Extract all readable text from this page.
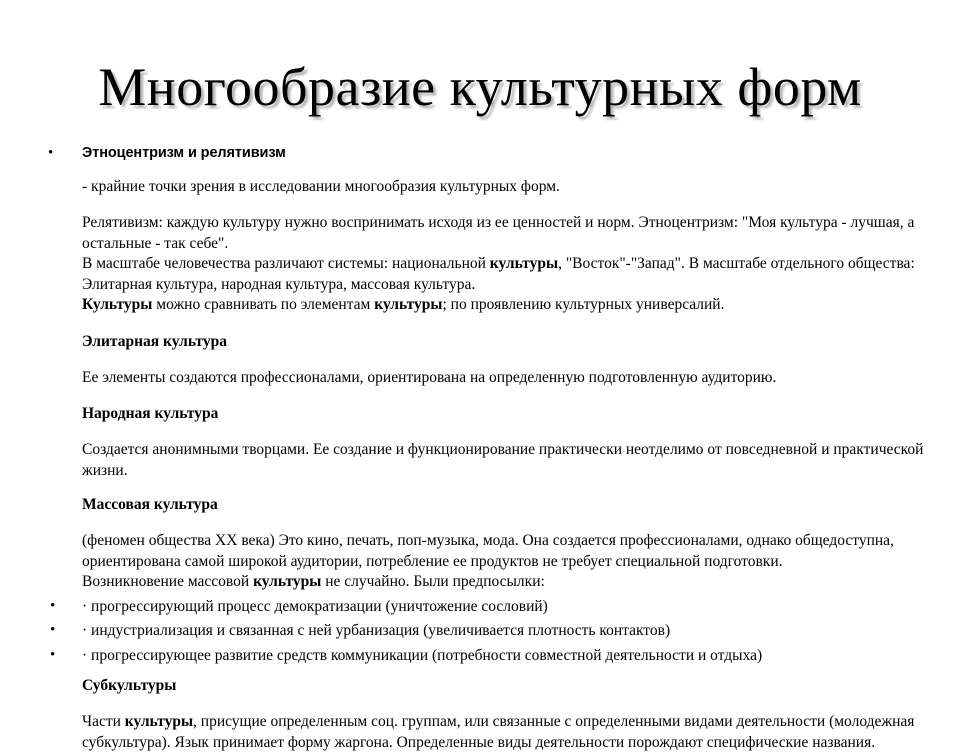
Многообразие культурных форм
• Этноцентризм и релятивизм

- крайние точки зрения в исследовании многообразия культурных форм.

Релятивизм: каждую культуру нужно воспринимать исходя из ее ценностей и норм. Этноцентризм: "Моя культура - лучшая, а остальные - так себе".

В масштабе человечества различают системы: национальной культуры, "Восток"-"Запад". В масштабе отдельного общества: Элитарная культура, народная культура, массовая культура.

Культуры можно сравнивать по элементам культуры; по проявлению культурных универсалий.

Элитарная культура

Ее элементы создаются профессионалами, ориентирована на определенную подготовленную аудиторию.

Народная культура

Создается анонимными творцами. Ее создание и функционирование практически неотделимо от повседневной и практической жизни.

Массовая культура

(феномен общества XX века) Это кино, печать, поп-музыка, мода. Она создается профессионалами, однако общедоступна, ориентирована самой широкой аудитории, потребление ее продуктов не требует специальной подготовки.

Возникновение массовой культуры не случайно. Были предпосылки:

• · прогрессирующий процесс демократизации (уничтожение сословий)

• · индустриализация и связанная с ней урбанизация (увеличивается плотность контактов)

• · прогрессирующее развитие средств коммуникации (потребности совместной деятельности и отдыха)

Субкультуры

Части культуры, присущие определенным соц. группам, или связанные с определенными видами деятельности (молодежная субкультура). Язык принимает форму жаргона. Определенные виды деятельности порождают специфические названия.
